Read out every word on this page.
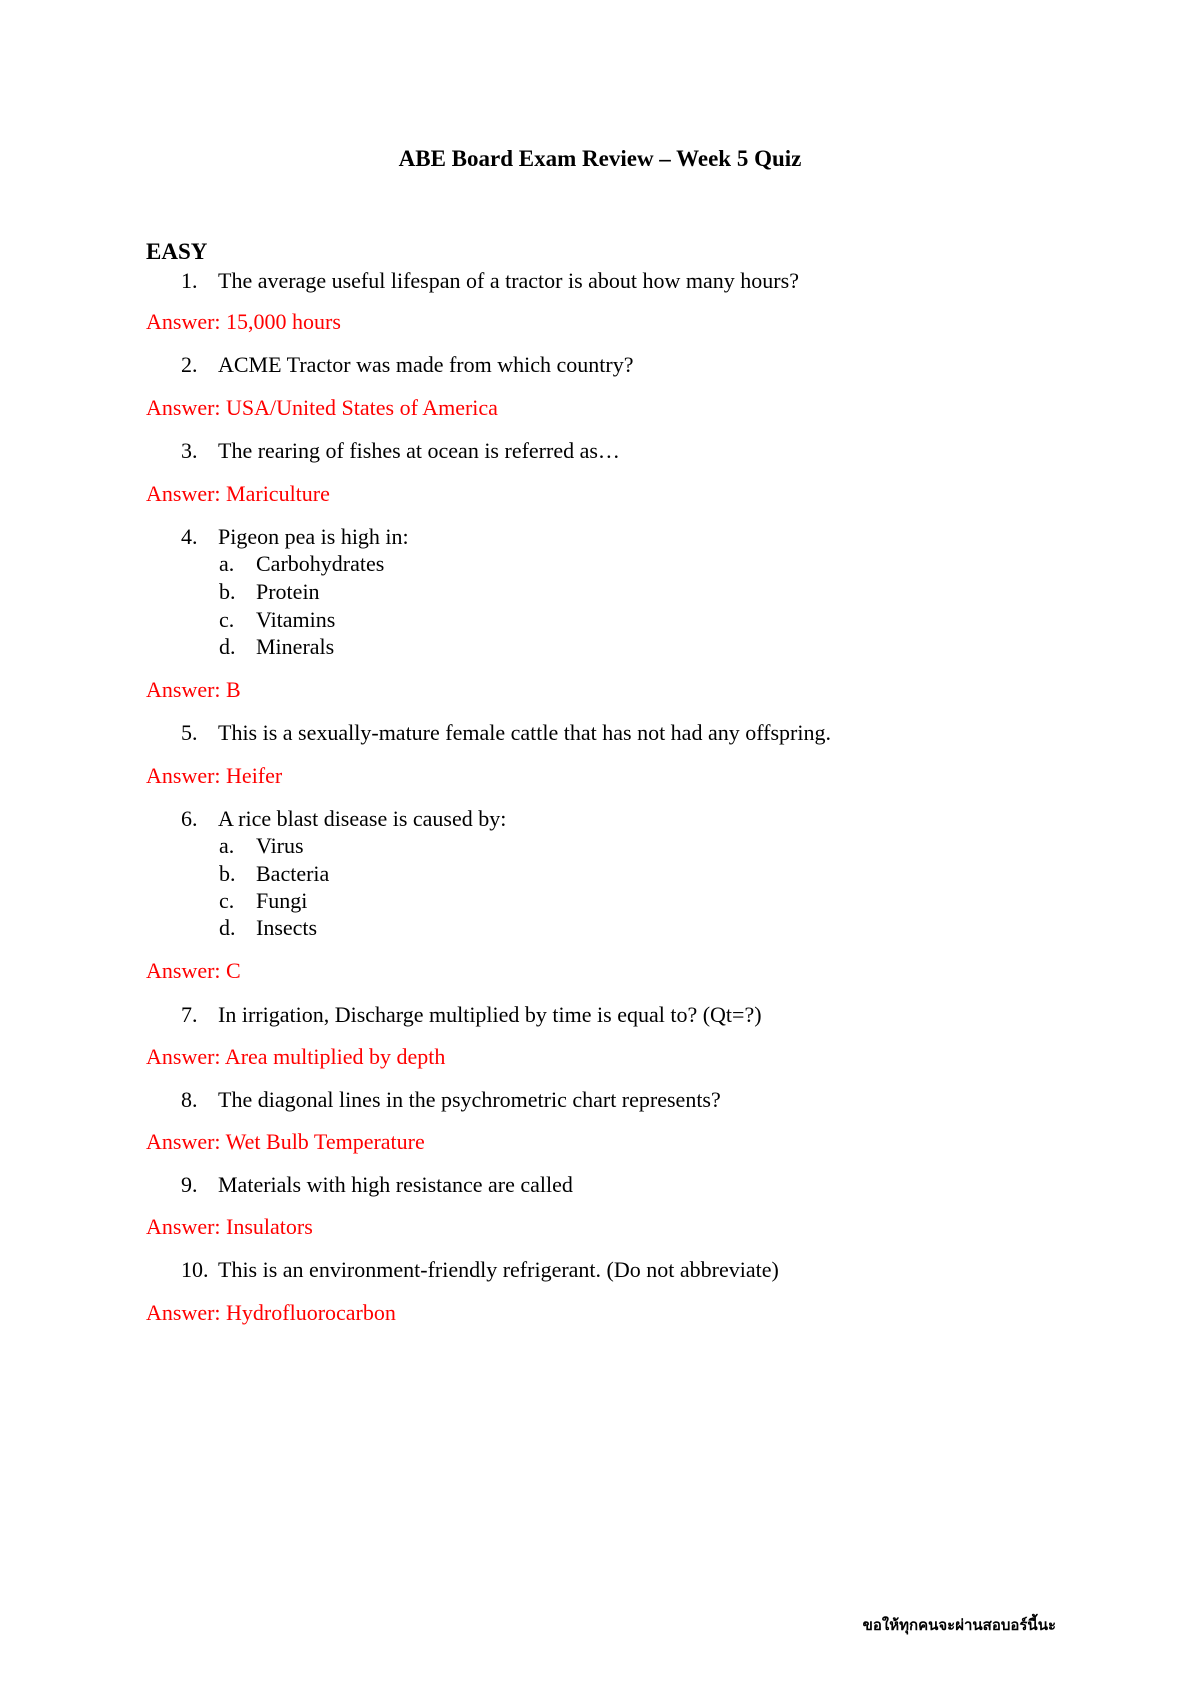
ABE Board Exam Review – Week 5 Quiz
EASY
1. The average useful lifespan of a tractor is about how many hours?
Answer: 15,000 hours
2. ACME Tractor was made from which country?
Answer: USA/United States of America
3. The rearing of fishes at ocean is referred as…
Answer: Mariculture
4. Pigeon pea is high in:
a. Carbohydrates
b. Protein
c. Vitamins
d. Minerals
Answer: B
5. This is a sexually-mature female cattle that has not had any offspring.
Answer: Heifer
6. A rice blast disease is caused by:
a. Virus
b. Bacteria
c. Fungi
d. Insects
Answer: C
7. In irrigation, Discharge multiplied by time is equal to? (Qt=?)
Answer: Area multiplied by depth
8. The diagonal lines in the psychrometric chart represents?
Answer: Wet Bulb Temperature
9. Materials with high resistance are called
Answer: Insulators
10. This is an environment-friendly refrigerant. (Do not abbreviate)
Answer: Hydrofluorocarbon
ขอให้ทุกคนจะผ่านสอบอร์นี้นะ
